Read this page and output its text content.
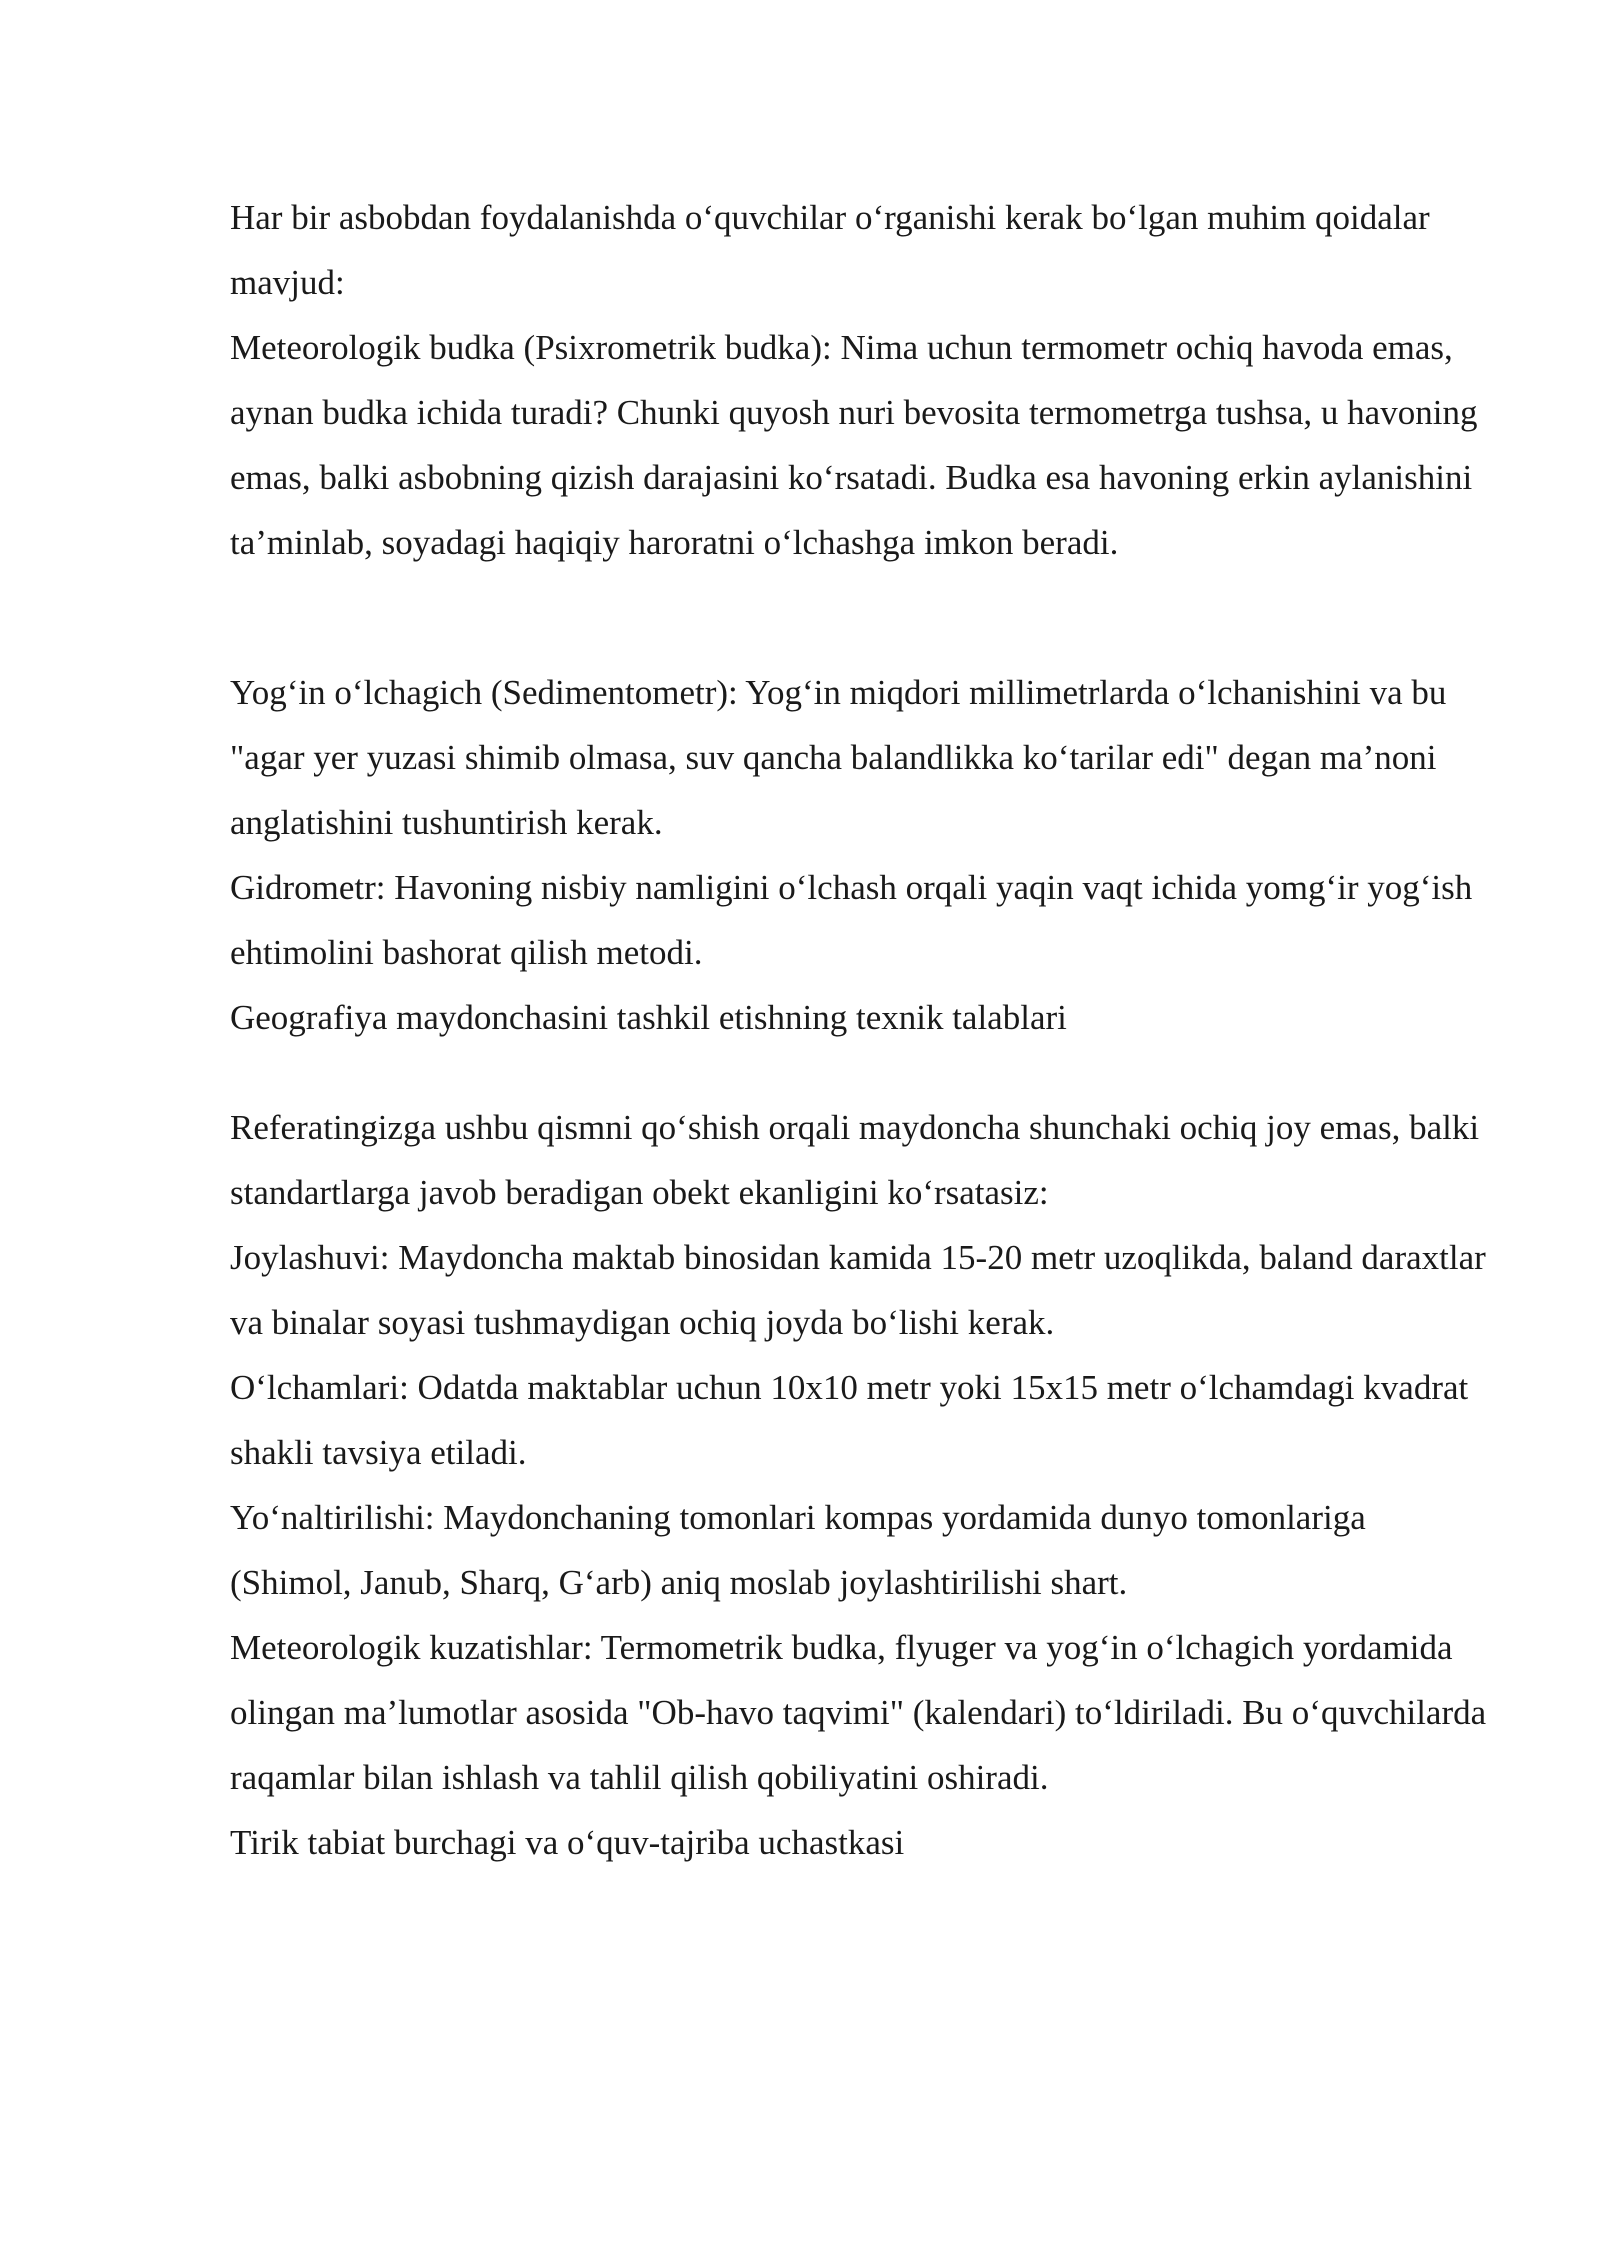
Har bir asbobdan foydalanishda o‘quvchilar o‘rganishi kerak bo‘lgan muhim qoidalar mavjud:

Meteorologik budka (Psixrometrik budka): Nima uchun termometr ochiq havoda emas, aynan budka ichida turadi? Chunki quyosh nuri bevosita termometrga tushsa, u havoning emas, balki asbobning qizish darajasini ko‘rsatadi. Budka esa havoning erkin aylanishini ta’minlab, soyadagi haqiqiy haroratni o‘lchashga imkon beradi.

Yog‘in o‘lchagich (Sedimentometr): Yog‘in miqdori millimetrlarda o‘lchanishini va bu "agar yer yuzasi shimib olmasa, suv qancha balandlikka ko‘tarilar edi" degan ma’noni anglatishini tushuntirish kerak.

Gidrometr: Havoning nisbiy namligini o‘lchash orqali yaqin vaqt ichida yomg‘ir yog‘ish ehtimolini bashorat qilish metodi.

Geografiya maydonchasini tashkil etishning texnik talablari

Referatingizga ushbu qismni qo‘shish orqali maydoncha shunchaki ochiq joy emas, balki standartlarga javob beradigan obekt ekanligini ko‘rsatasiz:

Joylashuvi: Maydoncha maktab binosidan kamida 15-20 metr uzoqlikda, baland daraxtlar va binalar soyasi tushmaydigan ochiq joyda bo‘lishi kerak.

O‘lchamlari: Odatda maktablar uchun 10x10 metr yoki 15x15 metr o‘lchamdagi kvadrat shakli tavsiya etiladi.

Yo‘naltirilishi: Maydonchaning tomonlari kompas yordamida dunyo tomonlariga (Shimol, Janub, Sharq, G‘arb) aniq moslab joylashtirilishi shart.

Meteorologik kuzatishlar: Termometrik budka, flyuger va yog‘in o‘lchagich yordamida olingan ma’lumotlar asosida "Ob-havo taqvimi" (kalendari) to‘ldiriladi. Bu o‘quvchilarda raqamlar bilan ishlash va tahlil qilish qobiliyatini oshiradi.

Tirik tabiat burchagi va o‘quv-tajriba uchastkasi
